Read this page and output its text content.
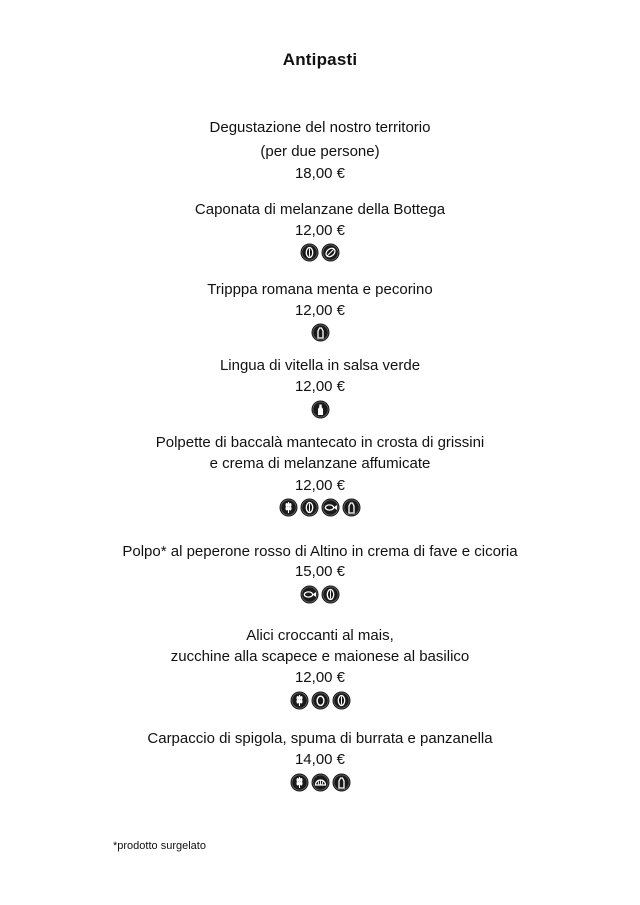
Antipasti
Degustazione del nostro territorio
(per due persone)
18,00 €
Caponata di melanzane della Bottega
12,00 €
Tripppa romana menta e pecorino
12,00 €
Lingua di vitella in salsa verde
12,00 €
Polpette di baccalà mantecato in crosta di grissini
e crema di melanzane affumicate
12,00 €
Polpo* al peperone rosso di Altino in crema di fave e cicoria
15,00 €
Alici croccanti al mais,
zucchine alla scapece e maionese al basilico
12,00 €
Carpaccio di spigola, spuma di burrata e panzanella
14,00 €
*prodotto surgelato
